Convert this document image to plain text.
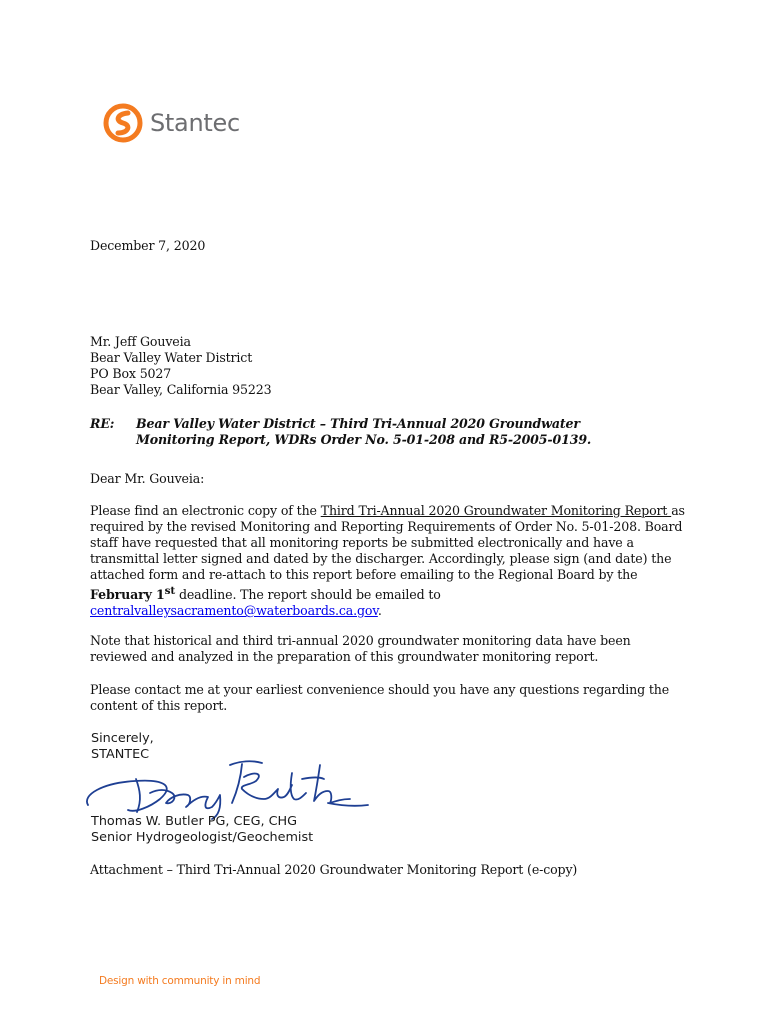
Stantec
December 7, 2020
Mr. Jeff Gouveia
Bear Valley Water District
PO Box 5027
Bear Valley, California 95223
RE:	Bear Valley Water District – Third Tri-Annual 2020 Groundwater
Monitoring Report, WDRs Order No. 5-01-208 and R5-2005-0139.
Dear Mr. Gouveia:
Please find an electronic copy of the Third Tri-Annual 2020 Groundwater Monitoring Report as required by the revised Monitoring and Reporting Requirements of Order No. 5-01-208. Board staff have requested that all monitoring reports be submitted electronically and have a transmittal letter signed and dated by the discharger. Accordingly, please sign (and date) the attached form and re-attach to this report before emailing to the Regional Board by the February 1st deadline. The report should be emailed to centralvalleysacramento@waterboards.ca.gov.
Note that historical and third tri-annual 2020 groundwater monitoring data have been reviewed and analyzed in the preparation of this groundwater monitoring report.
Please contact me at your earliest convenience should you have any questions regarding the content of this report.
Sincerely,
STANTEC
Thomas W. Butler PG, CEG, CHG
Senior Hydrogeologist/Geochemist
Attachment – Third Tri-Annual 2020 Groundwater Monitoring Report (e-copy)
Design with community in mind
